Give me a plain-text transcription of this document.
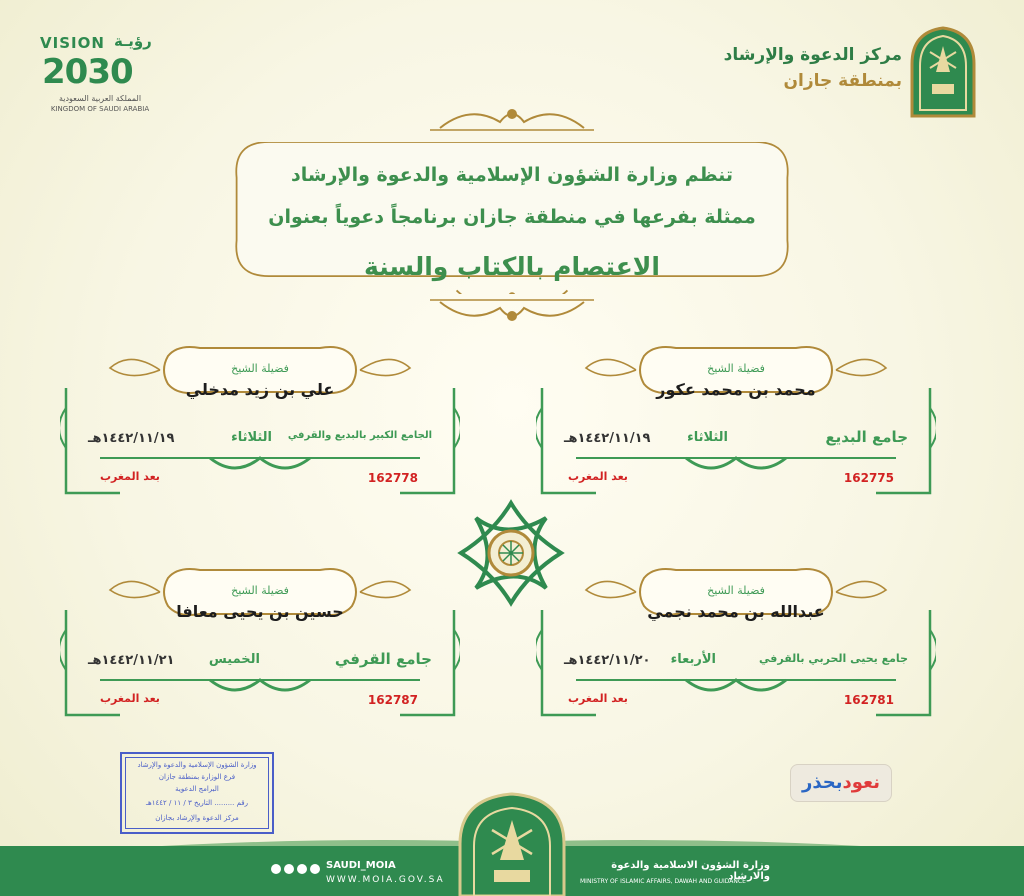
VISION رؤيـة
2030
المملكة العربية السعودية
KINGDOM OF SAUDI ARABIA
مركز الدعوة والإرشاد
بمنطقة جازان
تنظم وزارة الشؤون الإسلامية والدعوة والإرشاد
ممثلة بفرعها في منطقة جازان برنامجاً دعوياً بعنوان
الاعتصام بالكتاب والسنة
فضيلة الشيخ
محمد بن محمد عكور
جامع البديع
الثلاثاء
١٤٤٢/١١/١٩هـ
162775
بعد المغرب
فضيلة الشيخ
علي بن زيد مدخلي
الجامع الكبير بالبديع والقرفي
الثلاثاء
١٤٤٢/١١/١٩هـ
162778
بعد المغرب
فضيلة الشيخ
عبدالله بن محمد نجمي
جامع يحيى الحربي بالقرفي
الأربعاء
١٤٤٢/١١/٢٠هـ
162781
بعد المغرب
فضيلة الشيخ
حسين بن يحيى معافا
جامع القرفي
الخميس
١٤٤٢/١١/٢١هـ
162787
بعد المغرب
وزارة الشؤون الإسلامية والدعوة والإرشاد
فرع الوزارة بمنطقة جازان
البرامج الدعوية
رقم ......... التاريخ ٣ / ١١ / ١٤٤٢هـ
مركز الدعوة والإرشاد بجازان
نعودبحذر
SAUDI_MOIA
WWW.MOIA.GOV.SA
وزارة الشؤون الاسلامية والدعوة والارشاد
MINISTRY OF ISLAMIC AFFAIRS, DAWAH AND GUIDANCE
